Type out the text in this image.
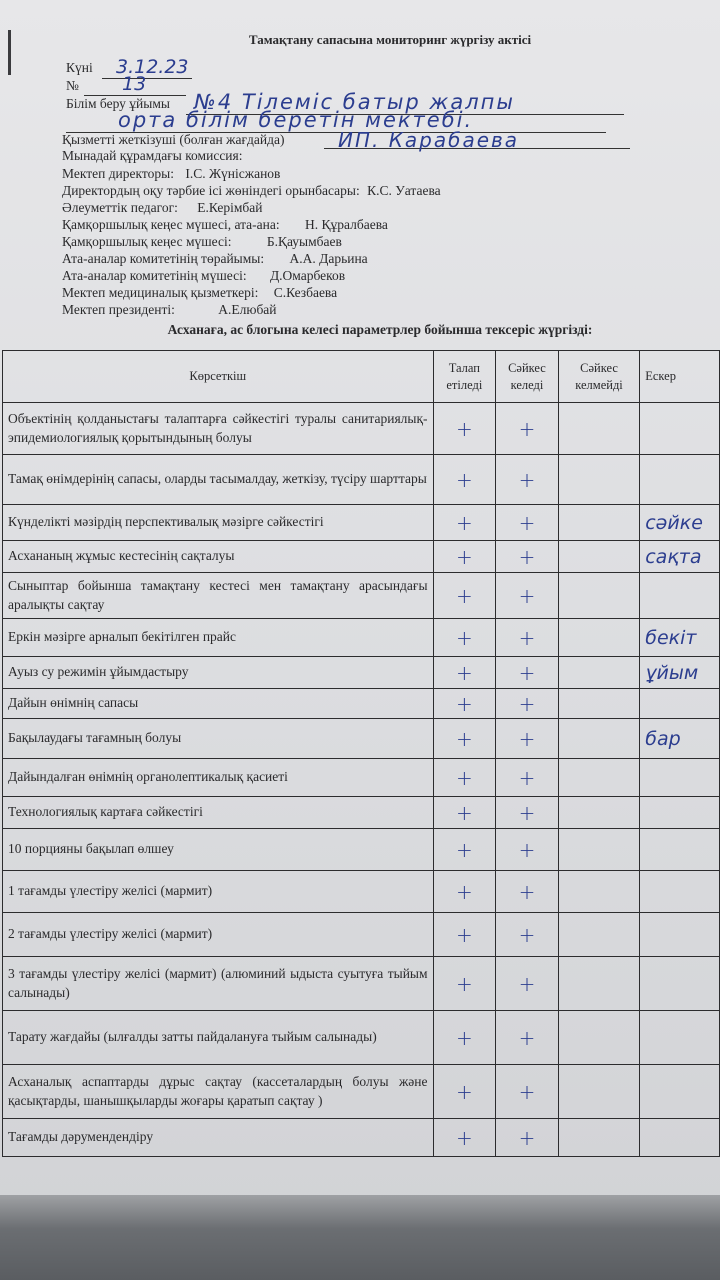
Тамақтану сапасына мониторинг жүргізу актісі
Күні 3.12.23
№ 13
Білім беру ұйымы №4 Тілеміс батыр жалпы
орта білім беретін мектебі.
Қызметті жеткізуші (болған жағдайда)	ИП. Карабаева
Мынадай құрамдағы комиссия:
Мектеп директоры: І.С. Жүнісжанов
Директордың оқу тәрбие ісі жөніндегі орынбасары: К.С. Уатаева
Әлеуметтік педагог: Е.Керімбай
Қамқоршылық кеңес мүшесі, ата-ана: Н. Құралбаева
Қамқоршылық кеңес мүшесі:	Б.Қауымбаев
Ата-аналар комитетінің төрайымы: А.А. Дарьина
Ата-аналар комитетінің мүшесі: Д.Омарбеков
Мектеп медициналық қызметкері: С.Кезбаева
Мектеп президенті:	А.Елюбай
Асханаға, ас блогына келесі параметрлер бойынша тексеріс жүргізді:
Көрсеткіш	Талап етіледі	Сәйкес келеді	Сәйкес келмейді	Ескер
Объектінің қолданыстағы талаптарға сәйкестігі туралы санитариялық-эпидемиологиялық қорытындының болуы	+	+		
Тамақ өнімдерінің сапасы, оларды тасымалдау, жеткізу, түсіру шарттары	+	+		
Күнделікті мәзірдің перспективалық мәзірге сәйкестігі	+	+		сәйке
Асхананың жұмыс кестесінің сақталуы	+	+		сақта
Сыныптар бойынша тамақтану кестесі мен тамақтану арасындағы аралықты сақтау	+	+		
Еркін мәзірге арналып бекітілген прайс	+	+		бекіт
Ауыз су режимін ұйымдастыру	+	+		ұйым
Дайын өнімнің сапасы	+	+		
Бақылаудағы тағамның болуы	+	+		бар
Дайындалған өнімнің органолептикалық қасиеті	+	+		
Технологиялық картаға сәйкестігі	+	+		
10 порцияны бақылап өлшеу	+	+		
1 тағамды үлестіру желісі (мармит)	+	+		
2 тағамды үлестіру желісі (мармит)	+	+		
3 тағамды үлестіру желісі (мармит) (алюминий ыдыста суытуға тыйым салынады)	+	+		
Тарату жағдайы (ылғалды затты пайдалануға тыйым салынады)	+	+		
Асханалық аспаптарды дұрыс сақтау (кассеталардың болуы және қасықтарды, шанышқыларды жоғары қаратып сақтау )	+	+		
Тағамды дәрумендендіру	+	+		
